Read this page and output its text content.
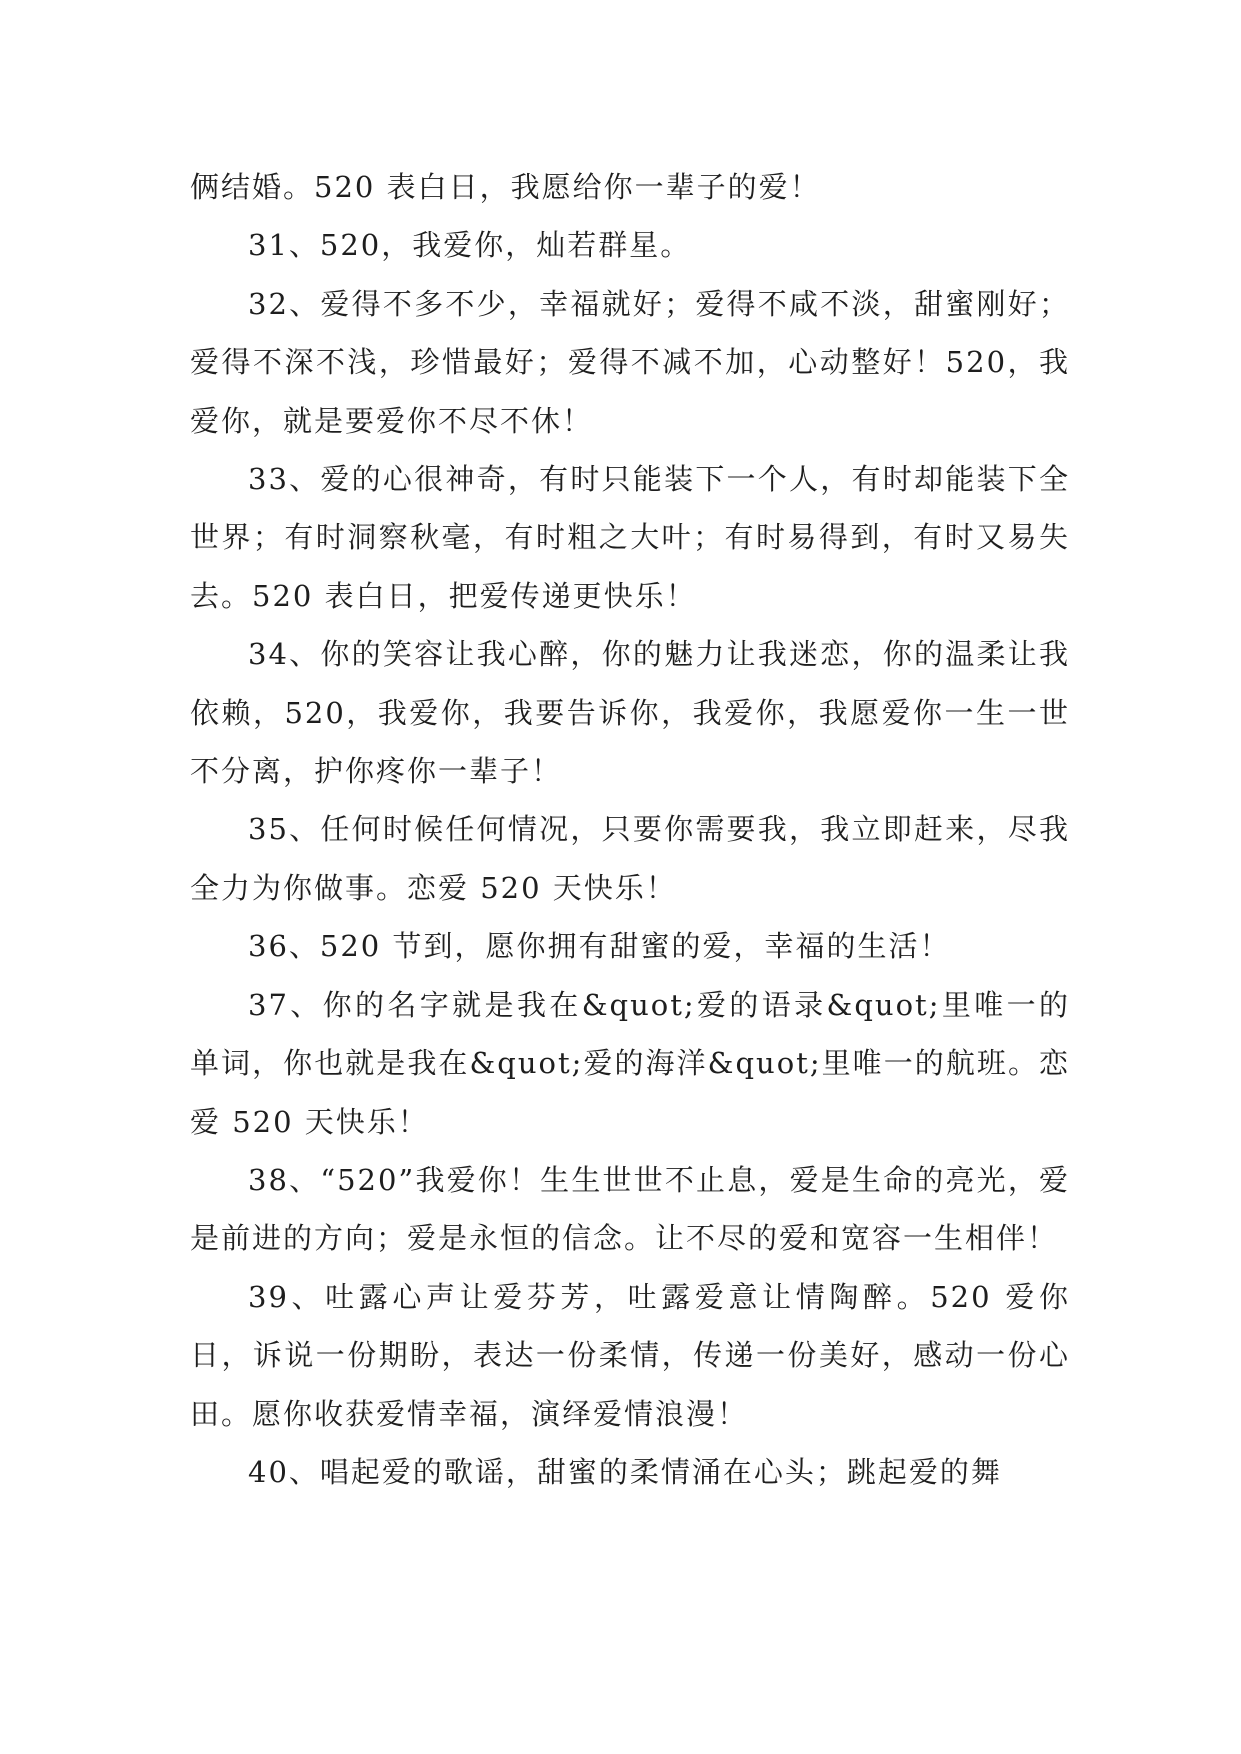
俩结婚。520 表白日，我愿给你一辈子的爱！

31、520，我爱你，灿若群星。

32、爱得不多不少，幸福就好；爱得不咸不淡，甜蜜刚好；爱得不深不浅，珍惜最好；爱得不减不加，心动整好！520，我爱你，就是要爱你不尽不休！

33、爱的心很神奇，有时只能装下一个人，有时却能装下全世界；有时洞察秋毫，有时粗之大叶；有时易得到，有时又易失去。520 表白日，把爱传递更快乐！

34、你的笑容让我心醉，你的魅力让我迷恋，你的温柔让我依赖，520，我爱你，我要告诉你，我爱你，我愿爱你一生一世不分离，护你疼你一辈子！

35、任何时候任何情况，只要你需要我，我立即赶来，尽我全力为你做事。恋爱 520 天快乐！

36、520 节到，愿你拥有甜蜜的爱，幸福的生活！

37、你的名字就是我在&quot;爱的语录&quot;里唯一的单词，你也就是我在&quot;爱的海洋&quot;里唯一的航班。恋爱 520 天快乐！

38、“520”我爱你！生生世世不止息，爱是生命的亮光，爱是前进的方向；爱是永恒的信念。让不尽的爱和宽容一生相伴！

39、吐露心声让爱芬芳，吐露爱意让情陶醉。520 爱你日，诉说一份期盼，表达一份柔情，传递一份美好，感动一份心田。愿你收获爱情幸福，演绎爱情浪漫！

40、唱起爱的歌谣，甜蜜的柔情涌在心头；跳起爱的舞
